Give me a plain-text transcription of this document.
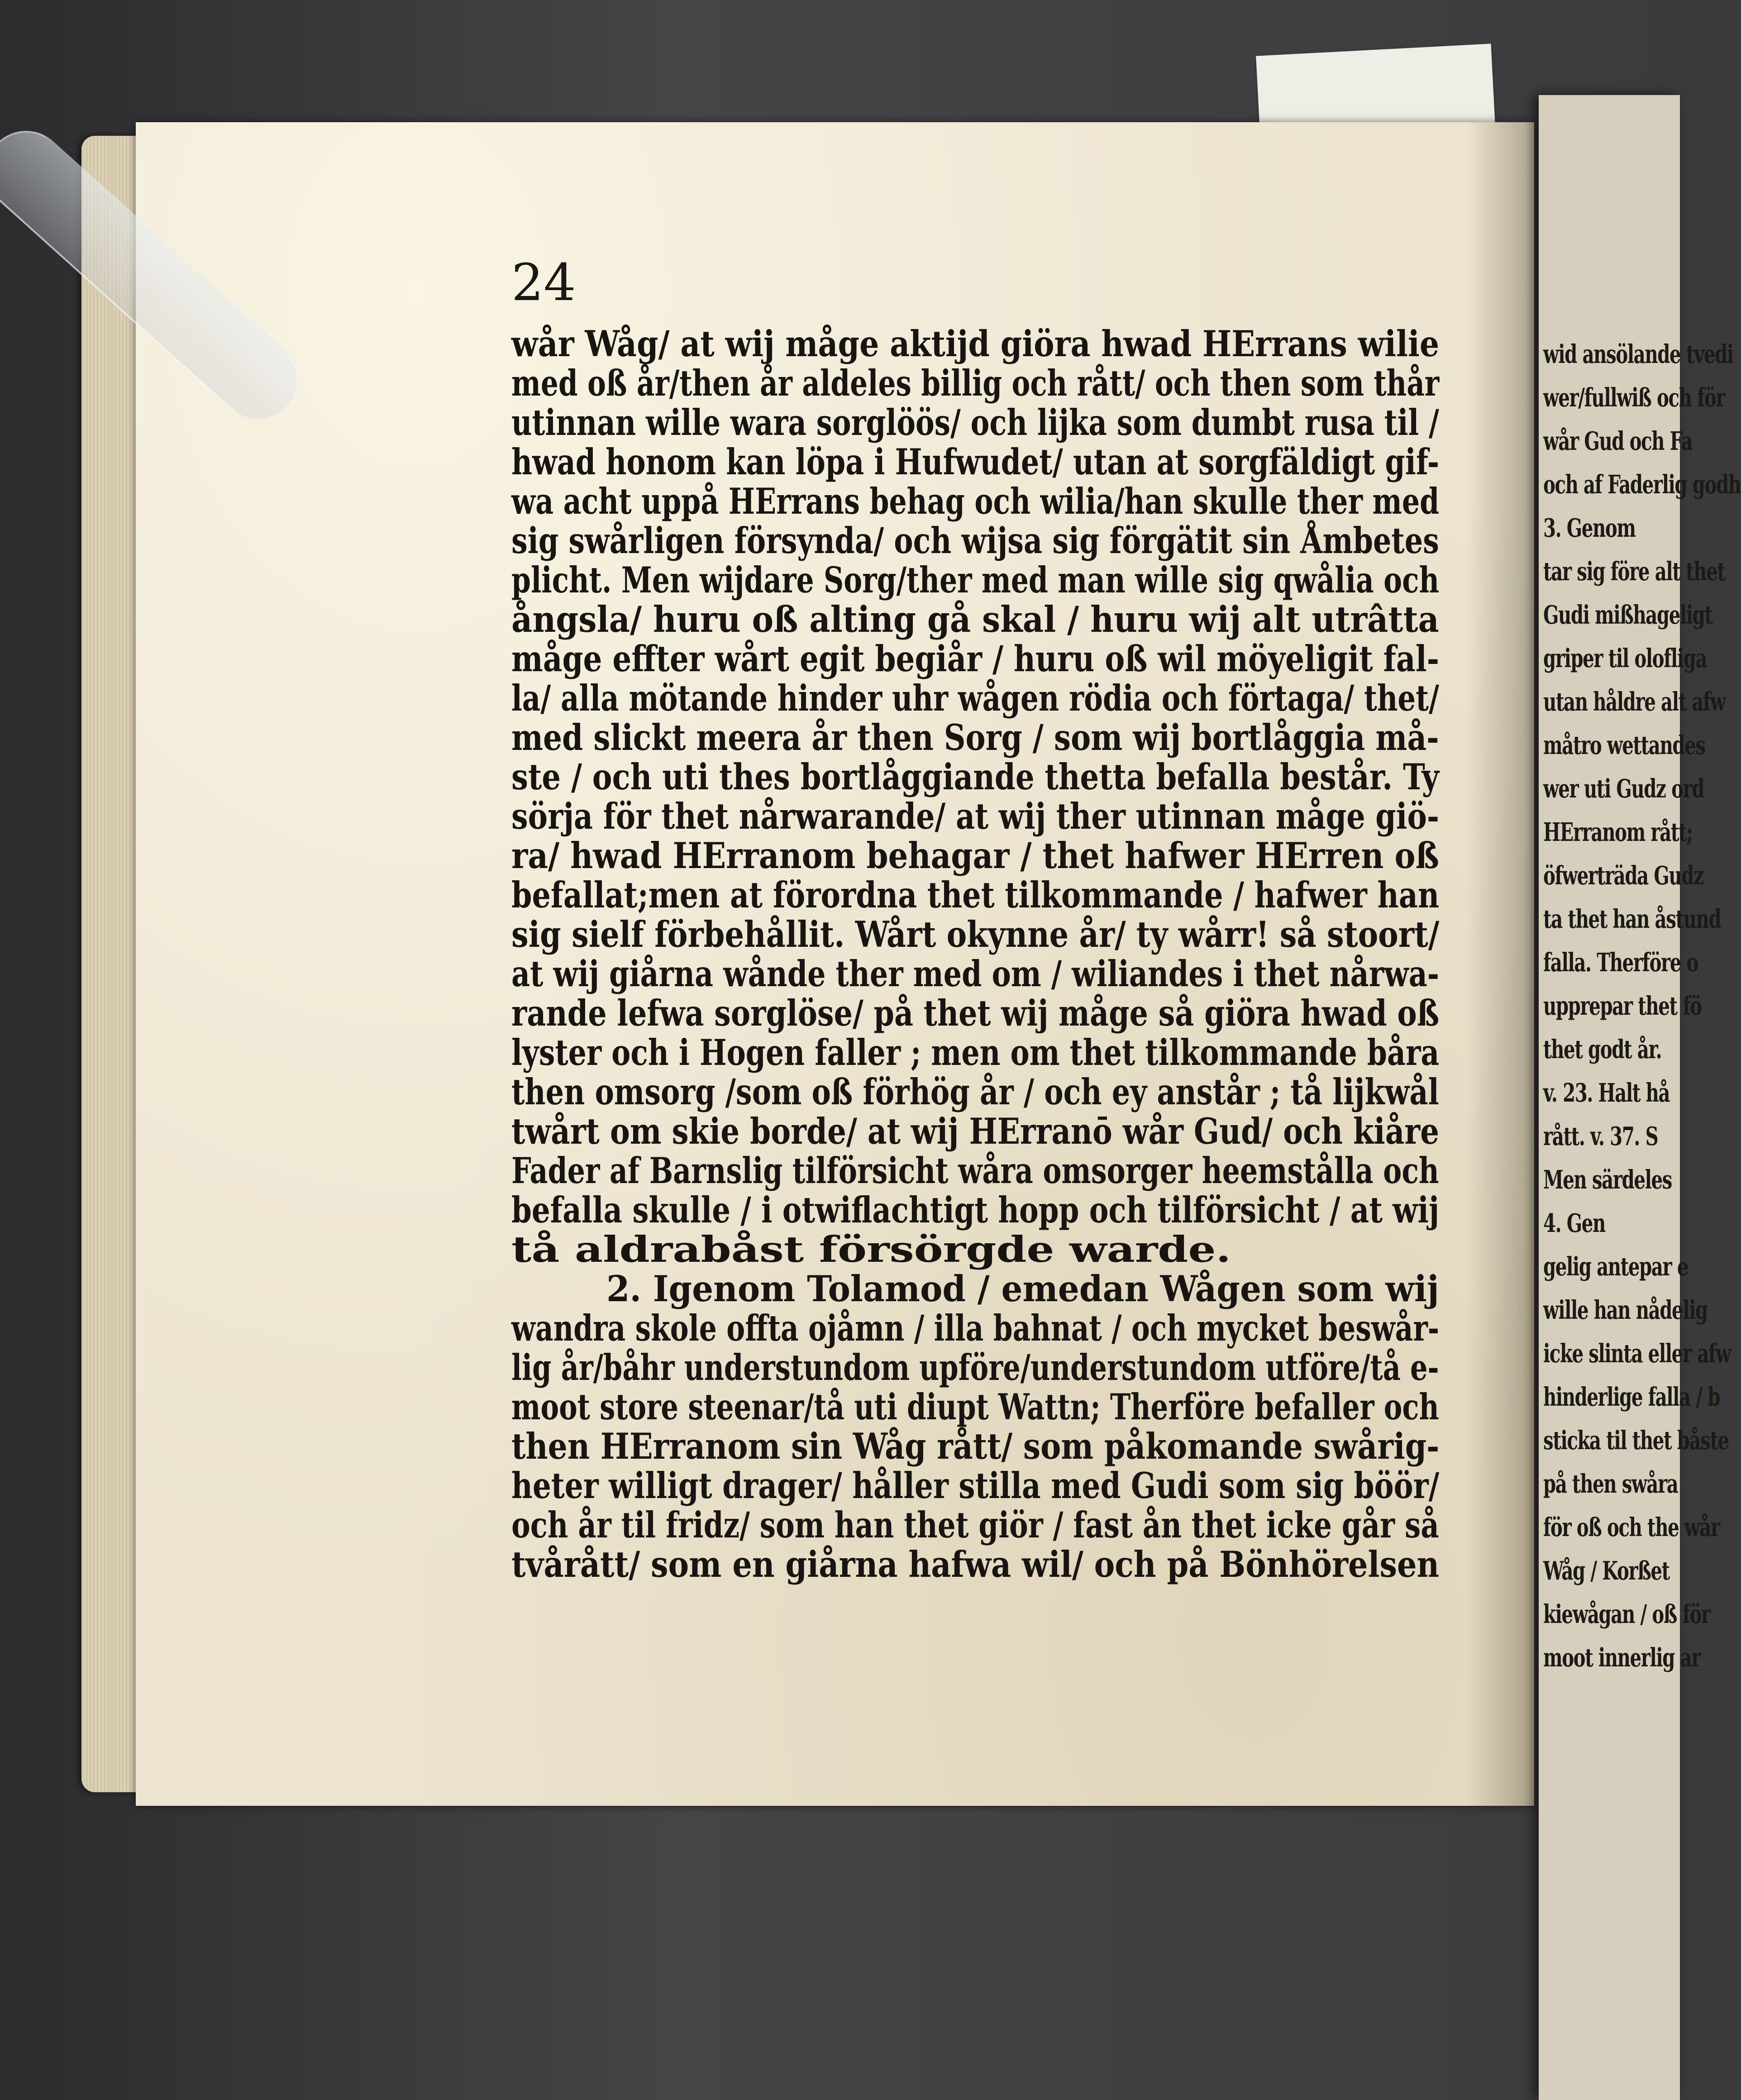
wid ansölande tvedi
wer/fullwiß och för
wår Gud och Fa
och af Faderlig godh
3. Genom
tar sig före alt thet
Gudi mißhageligt
griper til olofliga
utan håldre alt afw
måtro wettandes
wer uti Gudz ord
HErranom rått;
öfwerträda Gudz
ta thet han åstund
falla. Therföre o
upprepar thet fö
thet godt år.
v. 23. Halt hå
rått. v. 37. S
Men särdeles
4. Gen
gelig antepar e
wille han nådelig
icke slinta eller afw
hinderlige falla / b
sticka til thet båste
på then swåra
för oß och the wår
Wåg / Korßet
kiewågan / oß för
moot innerlig ar
24
wår Wåg/ at wij måge aktijd giöra hwad HErrans wilie
med oß år/then år aldeles billig och rått/ och then som thår
utinnan wille wara sorglöös/ och lijka som dumbt rusa til /
hwad honom kan löpa i Hufwudet/ utan at sorgfäldigt gif-
wa acht uppå HErrans behag och wilia/han skulle ther med
sig swårligen försynda/ och wijsa sig förgätit sin Åmbetes
plicht. Men wijdare Sorg/ther med man wille sig qwålia och
ångsla/ huru oß alting gå skal / huru wij alt utrâtta
måge effter wårt egit begiår / huru oß wil möyeligit fal-
la/ alla mötande hinder uhr wågen rödia och förtaga/ thet/
med slickt meera år then Sorg / som wij bortlåggia må-
ste / och uti thes bortlåggiande thetta befalla består. Ty
sörja för thet nårwarande/ at wij ther utinnan måge giö-
ra/ hwad HErranom behagar / thet hafwer HErren oß
befallat;men at förordna thet tilkommande / hafwer han
sig sielf förbehållit. Wårt okynne år/ ty wårr! så stoort/
at wij giårna wånde ther med om / wiliandes i thet nårwa-
rande lefwa sorglöse/ på thet wij måge så giöra hwad oß
lyster och i Hogen faller ; men om thet tilkommande båra
then omsorg /som oß förhög år / och ey anstår ; tå lijkwål
twårt om skie borde/ at wij HErranō wår Gud/ och kiåre
Fader af Barnslig tilförsicht wåra omsorger heemstålla och
befalla skulle / i otwiflachtigt hopp och tilförsicht / at wij
tå aldrabåst försörgde warde.
2. Igenom Tolamod / emedan Wågen som wij
wandra skole offta ojåmn / illa bahnat / och mycket beswår-
lig år/båhr understundom upföre/understundom utföre/tå e-
moot store steenar/tå uti diupt Wattn; Therföre befaller och
then HErranom sin Wåg rått/ som påkomande swårig-
heter willigt drager/ håller stilla med Gudi som sig böör/
och år til fridz/ som han thet giör / fast ån thet icke går så
tvårått/ som en giårna hafwa wil/ och på Bönhörelsen
